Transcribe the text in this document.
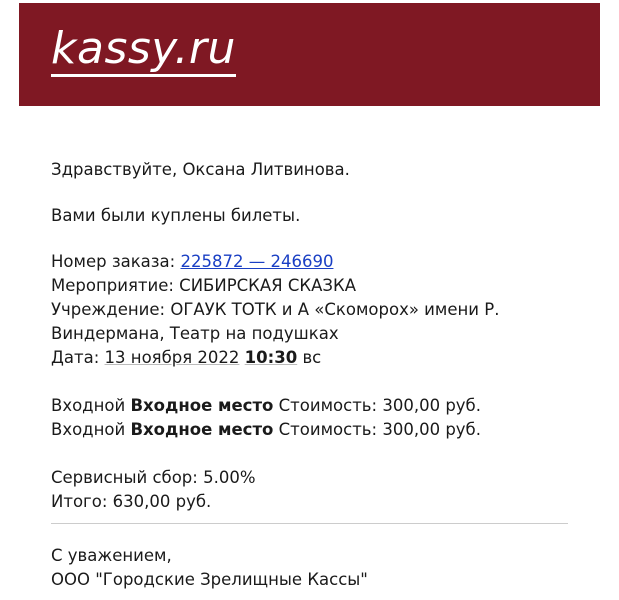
kassy.ru
Здравствуйте, Оксана Литвинова.
Вами были куплены билеты.
Номер заказа: 225872 — 246690
Мероприятие: СИБИРСКАЯ СКАЗКА
Учреждение: ОГАУК ТОТК и А «Скоморох» имени Р.
Виндермана, Театр на подушках
Дата: 13 ноября 2022 10:30 вс
Входной Входное место Стоимость: 300,00 руб.
Входной Входное место Стоимость: 300,00 руб.
Сервисный сбор: 5.00%
Итого: 630,00 руб.
С уважением,
ООО "Городские Зрелищные Кассы"
